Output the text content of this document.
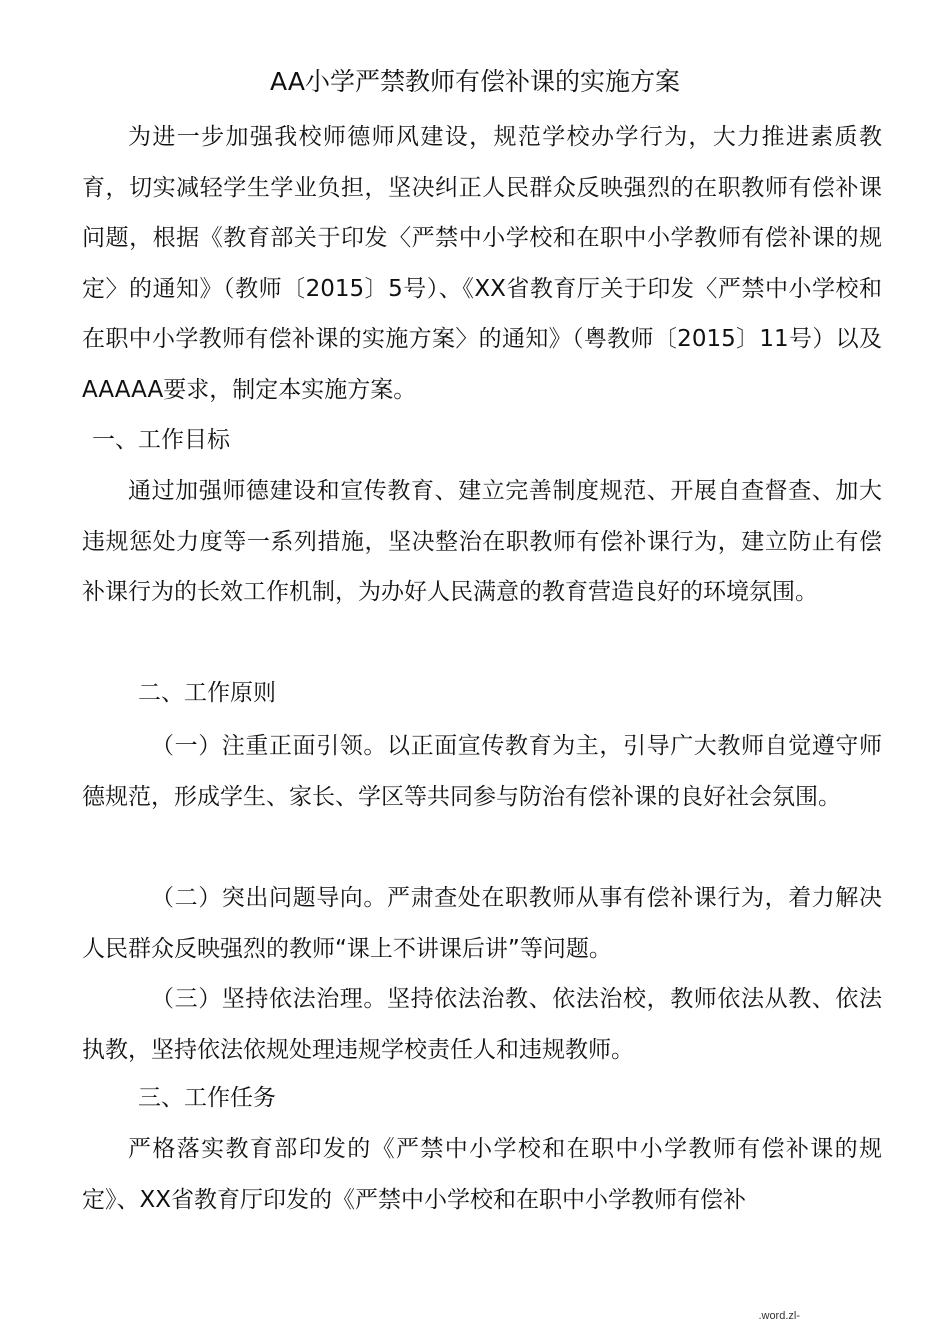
AA小学严禁教师有偿补课的实施方案

为进一步加强我校师德师风建设，规范学校办学行为，大力推进素质教育，切实减轻学生学业负担，坚决纠正人民群众反映强烈的在职教师有偿补课问题，根据《教育部关于印发〈严禁中小学校和在职中小学教师有偿补课的规定〉的通知》（教师〔2015〕5号）、《XX省教育厅关于印发〈严禁中小学校和在职中小学教师有偿补课的实施方案〉的通知》（粤教师〔2015〕11号）以及AAAAA要求，制定本实施方案。

一、工作目标

通过加强师德建设和宣传教育、建立完善制度规范、开展自查督查、加大违规惩处力度等一系列措施，坚决整治在职教师有偿补课行为，建立防止有偿补课行为的长效工作机制，为办好人民满意的教育营造良好的环境氛围。

二、工作原则

（一）注重正面引领。以正面宣传教育为主，引导广大教师自觉遵守师德规范，形成学生、家长、学区等共同参与防治有偿补课的良好社会氛围。

（二）突出问题导向。严肃查处在职教师从事有偿补课行为，着力解决人民群众反映强烈的教师“课上不讲课后讲”等问题。

（三）坚持依法治理。坚持依法治教、依法治校，教师依法从教、依法执教，坚持依法依规处理违规学校责任人和违规教师。

三、工作任务

严格落实教育部印发的《严禁中小学校和在职中小学教师有偿补课的规定》、XX省教育厅印发的《严禁中小学校和在职中小学教师有偿补

.word.zl-
